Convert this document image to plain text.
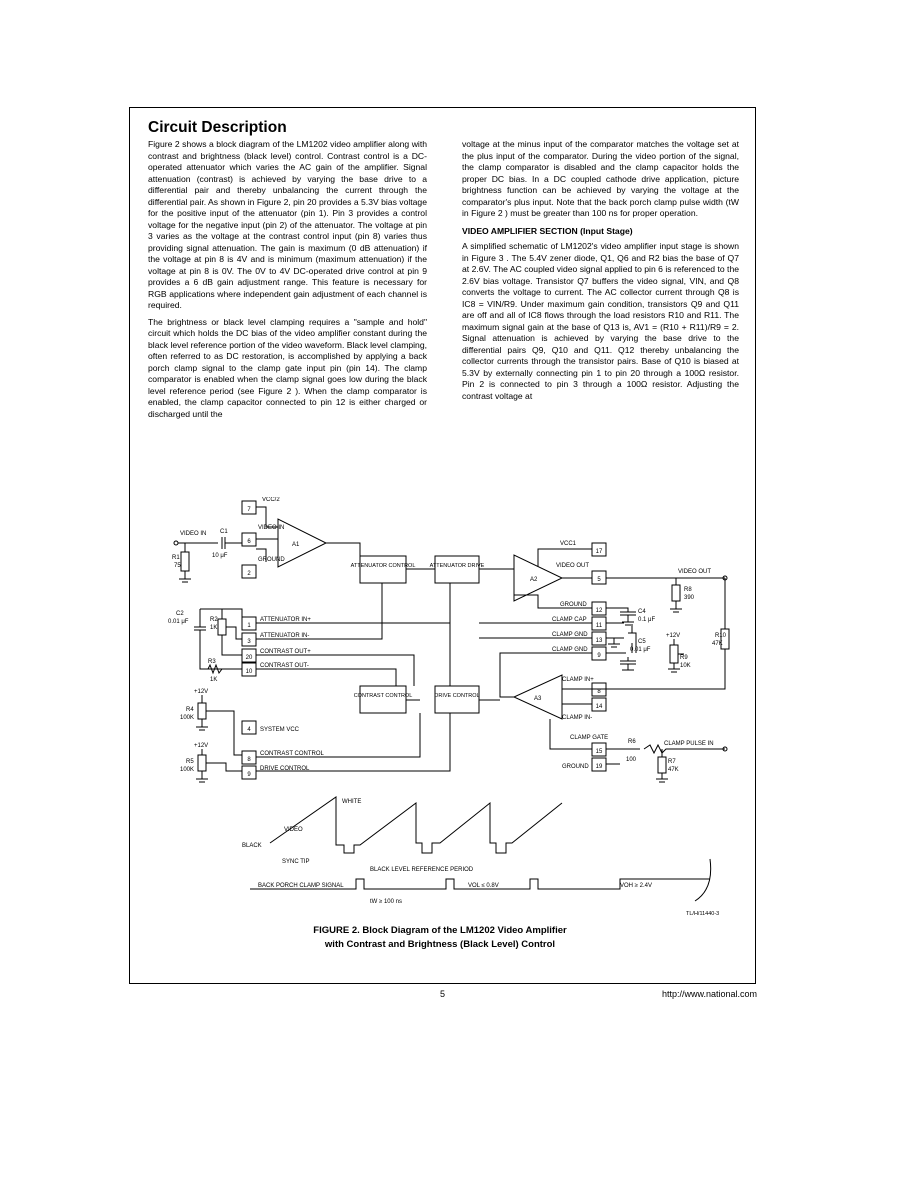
Circuit Description

Figure 2 shows a block diagram of the LM1202 video amplifier along with contrast and brightness (black level) control. Contrast control is a DC-operated attenuator which varies the AC gain of the amplifier. Signal attenuation (contrast) is achieved by varying the base drive to a differential pair and thereby unbalancing the current through the differential pair. As shown in Figure 2, pin 20 provides a 5.3V bias voltage for the positive input of the attenuator (pin 1). Pin 3 provides a control voltage for the negative input (pin 2) of the attenuator. The voltage at pin 3 varies as the voltage at the contrast control input (pin 8) varies thus providing signal attenuation. The gain is maximum (0 dB attenuation) if the voltage at pin 8 is 4V and is minimum (maximum attenuation) if the voltage at pin 8 is 0V. The 0V to 4V DC-operated drive control at pin 9 provides a 6 dB gain adjustment range. This feature is necessary for RGB applications where independent gain adjustment of each channel is required.

The brightness or black level clamping requires a "sample and hold" circuit which holds the DC bias of the video amplifier constant during the black level reference portion of the video waveform. Black level clamping, often referred to as DC restoration, is accomplished by applying a back porch clamp signal to the clamp gate input pin (pin 14). The clamp comparator is enabled when the clamp signal goes low during the black level reference period (see Figure 2 ). When the clamp comparator is enabled, the clamp capacitor connected to pin 12 is either charged or discharged until the

voltage at the minus input of the comparator matches the voltage set at the plus input of the comparator. During the video portion of the signal, the clamp comparator is disabled and the clamp capacitor holds the proper DC bias. In a DC coupled cathode drive application, picture brightness function can be achieved by varying the voltage at the comparator's plus input. Note that the back porch clamp pulse width (tW in Figure 2 ) must be greater than 100 ns for proper operation.

VIDEO AMPLIFIER SECTION (Input Stage)

A simplified schematic of LM1202's video amplifier input stage is shown in Figure 3 . The 5.4V zener diode, Q1, Q6 and R2 bias the base of Q7 at 2.6V. The AC coupled video signal applied to pin 6 is referenced to the 2.6V bias voltage. Transistor Q7 buffers the video signal, VIN, and Q8 converts the voltage to current. The AC collector current through Q8 is IC8 = VIN/R9. Under maximum gain condition, transistors Q9 and Q11 are off and all of IC8 flows through the load resistors R10 and R11. The maximum signal gain at the base of Q13 is, AV1 = (R10 + R11)/R9 = 2. Signal attenuation is achieved by varying the base drive to the differential pairs Q9, Q10 and Q11. Q12 thereby unbalancing the collector currents through the transistor pairs. Base of Q10 is biased at 5.3V by externally connecting pin 1 to pin 20 through a 100Ω resistor. Pin 2 is connected to pin 3 through a 100Ω resistor. Adjusting the contrast voltage at

7
6
2
1
3
20
10
4
17
5
12
11
13
9
8
14
15
19
8
9
VCC/2
VIDEO IN
GROUND
VIDEO IN C1
10 μF
R1
75
A1
ATTENUATOR CONTROL	ATTENUATOR DRIVE
A2
VCC1
VIDEO OUT
VIDEO OUT
R8
390
R10
47K
GROUND
C4
0.1 μF
CLAMP CAP
CLAMP GND
CLAMP GND
C5
0.01 μF
+12V
R9
10K
C2
0.01 μF	R2
1K
R3
1K
ATTENUATOR IN+
ATTENUATOR IN-
CONTRAST OUT+
CONTRAST OUT-
CONTRAST CONTROL	DRIVE CONTROL	A3
CLAMP IN+
CLAMP IN-
+12V
R4
100K
SYSTEM VCC
CONTRAST CONTROL
DRIVE CONTROL
+12V
R5
100K
CLAMP GATE
R6
100
CLAMP PULSE IN
R7
47K
GROUND
WHITE
VIDEO
BLACK
SYNC TIP
BLACK LEVEL REFERENCE PERIOD
BACK PORCH CLAMP SIGNAL	VOL ≤ 0.8V	VOH ≥ 2.4V
tW ≥ 100 ns
TL/H/11440-3
FIGURE 2. Block Diagram of the LM1202 Video Amplifier
with Contrast and Brightness (Black Level) Control
5	http://www.national.com
